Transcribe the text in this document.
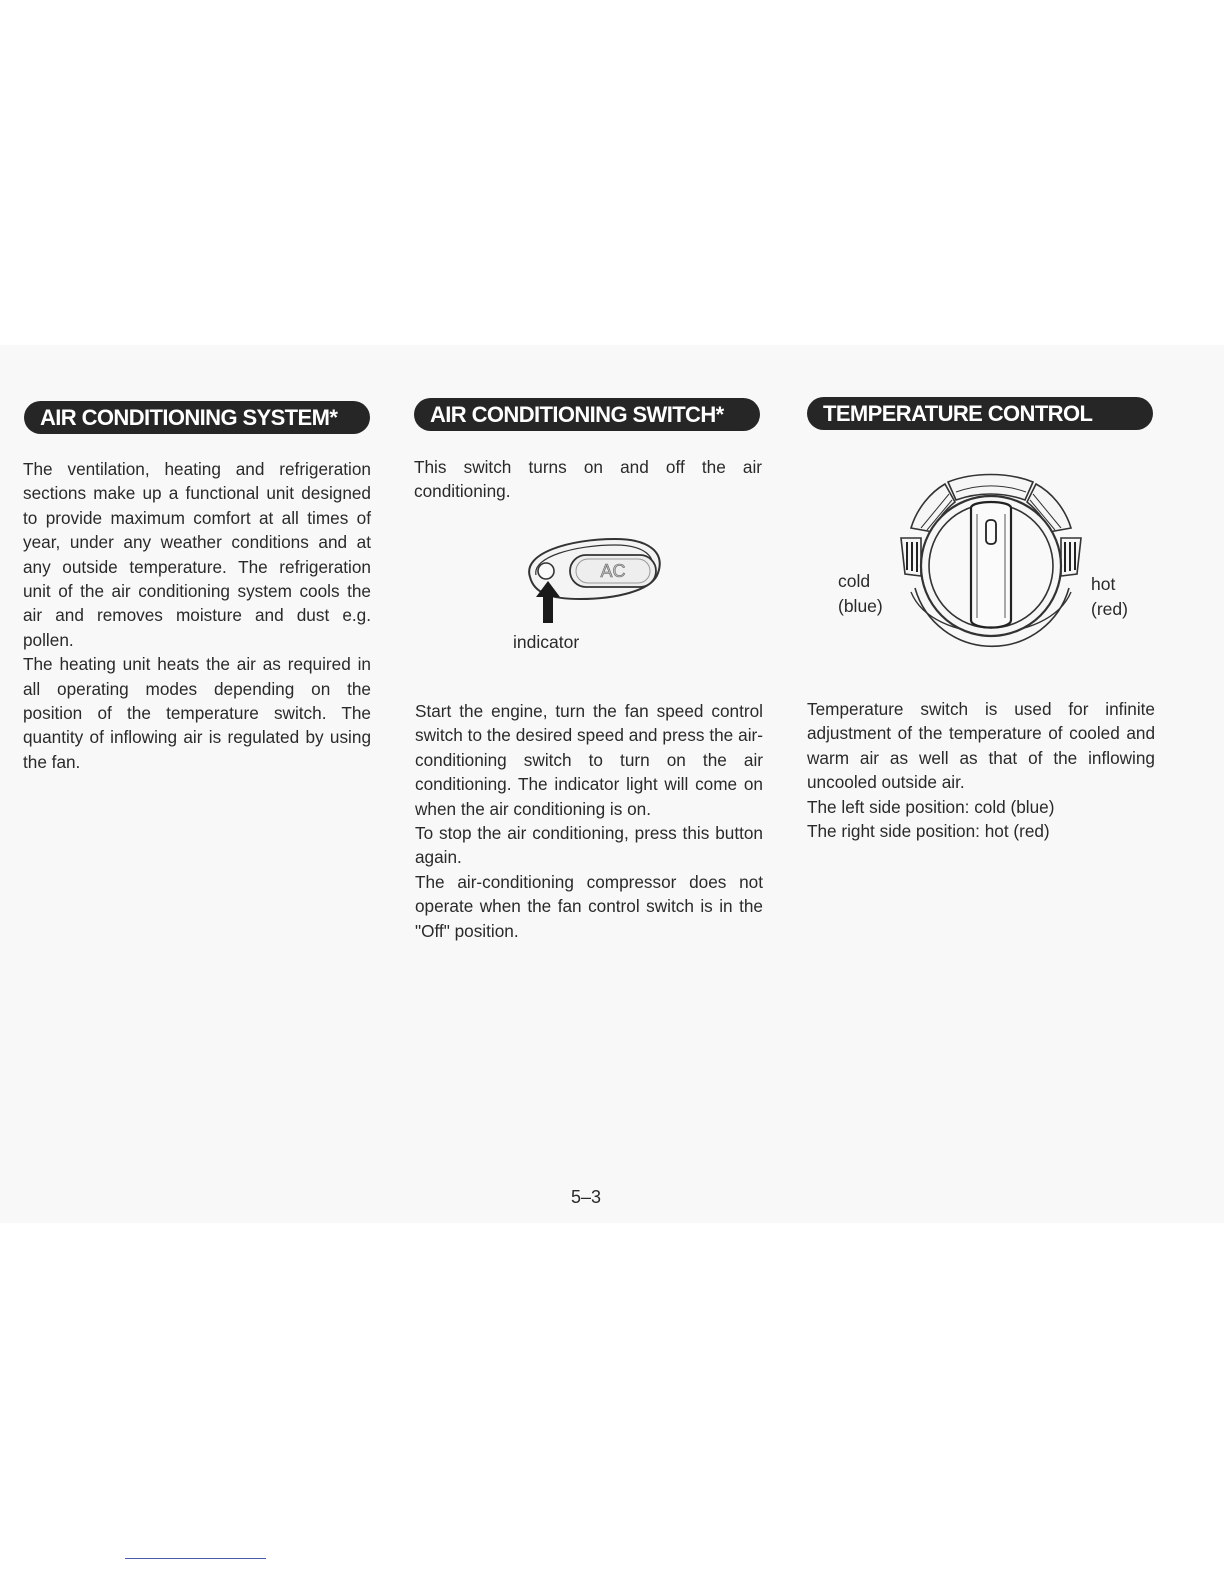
AIR CONDITIONING SYSTEM*

The ventilation, heating and refrigeration sections make up a functional unit designed to provide maximum comfort at all times of year, under any weather conditions and at any outside temperature. The refrigeration unit of the air conditioning system cools the air and removes moisture and dust e.g. pollen.

The heating unit heats the air as required in all operating modes depending on the position of the temperature switch. The quantity of inflowing air is regulated by using the fan.

AIR CONDITIONING SWITCH*

This switch turns on and off the air conditioning.

AC
indicator

Start the engine, turn the fan speed control switch to the desired speed and press the air-conditioning switch to turn on the air conditioning. The indicator light will come on when the air conditioning is on.

To stop the air conditioning, press this button again.

The air-conditioning compressor does not operate when the fan control switch is in the "Off" position.

TEMPERATURE CONTROL
cold
(blue)
hot
(red)

Temperature switch is used for infinite adjustment of the temperature of cooled and warm air as well as that of the inflowing uncooled outside air.

The left side position: cold (blue)

The right side position: hot (red)

5–3
